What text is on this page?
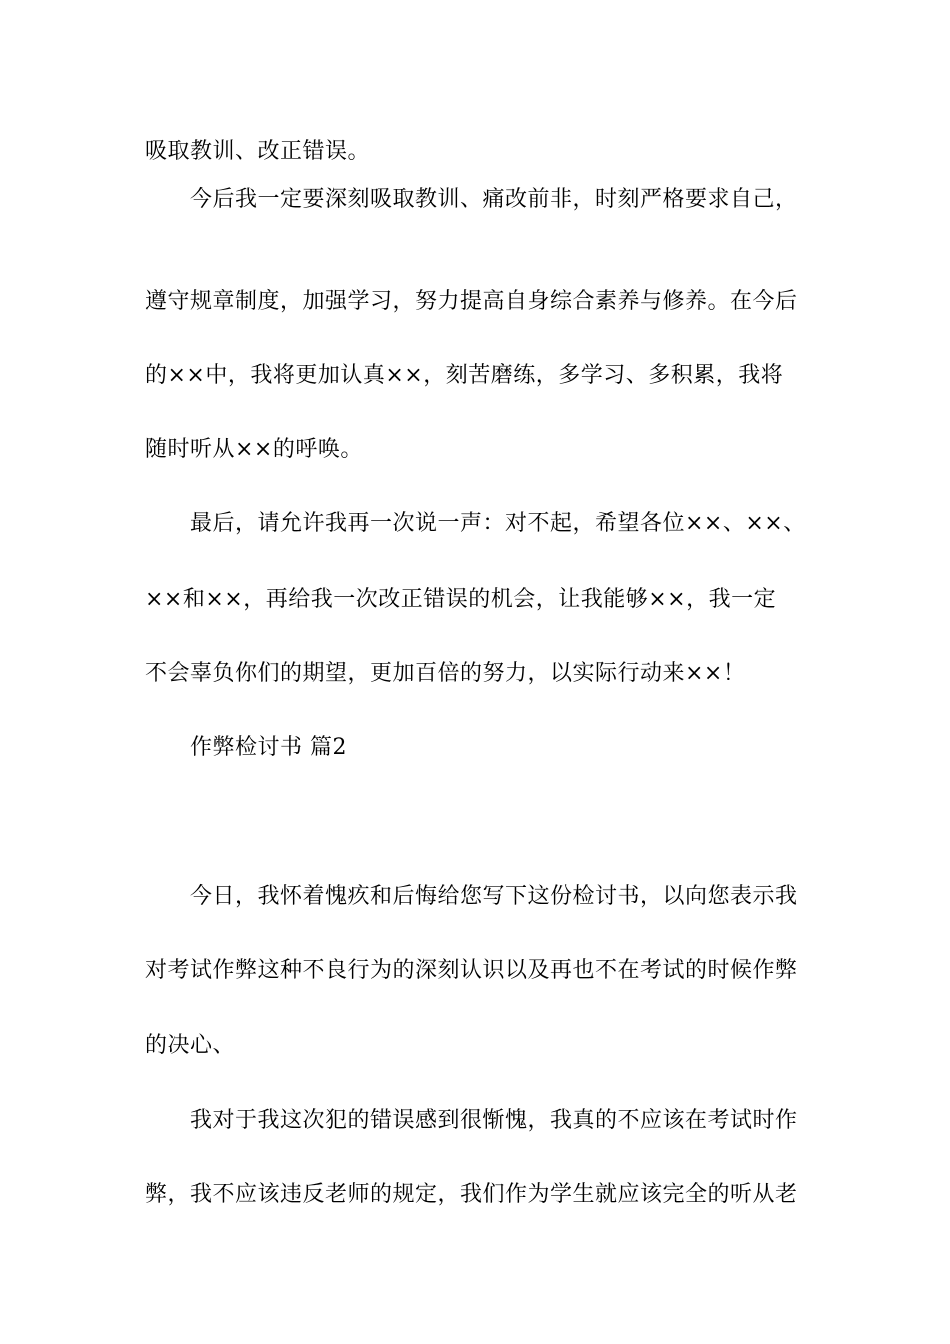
吸取教训、改正错误。
今后我一定要深刻吸取教训、痛改前非，时刻严格要求自己，
遵守规章制度，加强学习，努力提高自身综合素养与修养。在今后
的××中，我将更加认真××，刻苦磨练，多学习、多积累，我将
随时听从××的呼唤。
最后，请允许我再一次说一声：对不起，希望各位××、××、
××和××，再给我一次改正错误的机会，让我能够××，我一定
不会辜负你们的期望，更加百倍的努力，以实际行动来××！
作弊检讨书 篇2
今日，我怀着愧疚和后悔给您写下这份检讨书，以向您表示我
对考试作弊这种不良行为的深刻认识以及再也不在考试的时候作弊
的决心、
我对于我这次犯的错误感到很惭愧，我真的不应该在考试时作
弊，我不应该违反老师的规定，我们作为学生就应该完全的听从老
